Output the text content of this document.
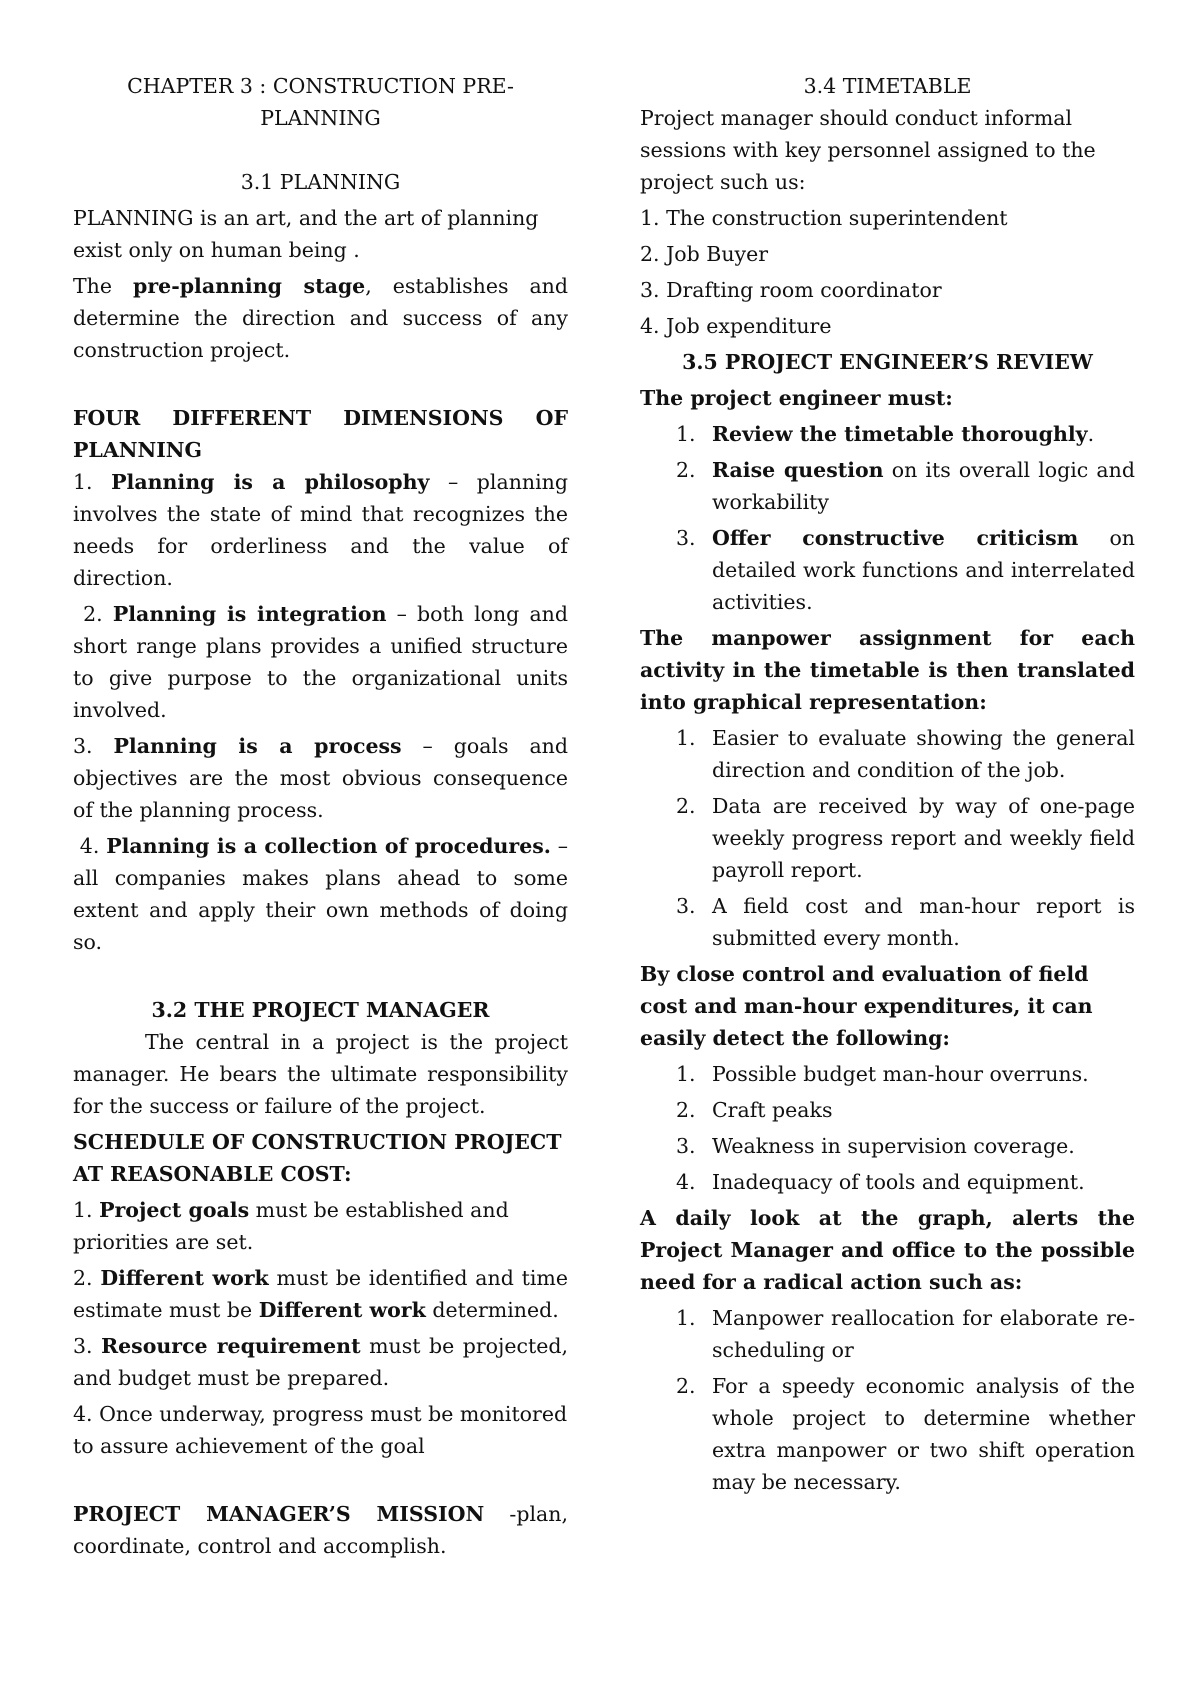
CHAPTER 3 : CONSTRUCTION PRE-

PLANNING

3.1 PLANNING

PLANNING is an art, and the art of planning exist only on human being .

The pre-planning stage, establishes and determine the direction and success of any construction project.

FOUR DIFFERENT DIMENSIONS OF PLANNING

1. Planning is a philosophy – planning involves the state of mind that recognizes the needs for orderliness and the value of direction.

2. Planning is integration – both long and short range plans provides a unified structure to give purpose to the organizational units involved.

3. Planning is a process – goals and objectives are the most obvious consequence of the planning process.

4. Planning is a collection of procedures. – all companies makes plans ahead to some extent and apply their own methods of doing so.

3.2 THE PROJECT MANAGER

The central in a project is the project manager. He bears the ultimate responsibility for the success or failure of the project.

SCHEDULE OF CONSTRUCTION PROJECT AT REASONABLE COST:

1. Project goals must be established and priorities are set.

2. Different work must be identified and time estimate must be Different work determined.

3. Resource requirement must be projected, and budget must be prepared.

4. Once underway, progress must be monitored to assure achievement of the goal

PROJECT MANAGER’S MISSION -plan, coordinate, control and accomplish.

3.4 TIMETABLE

Project manager should conduct informal sessions with key personnel assigned to the project such us:

1. The construction superintendent

2. Job Buyer

3. Drafting room coordinator

4. Job expenditure

3.5 PROJECT ENGINEER’S REVIEW

The project engineer must:

1. Review the timetable thoroughly.
2. Raise question on its overall logic and workability
3. Offer constructive criticism on detailed work functions and interrelated activities.

The manpower assignment for each activity in the timetable is then translated into graphical representation:

1. Easier to evaluate showing the general direction and condition of the job.
2. Data are received by way of one-page weekly progress report and weekly field payroll report.
3. A field cost and man-hour report is submitted every month.

By close control and evaluation of field cost and man-hour expenditures, it can easily detect the following:

1. Possible budget man-hour overruns.
2. Craft peaks
3. Weakness in supervision coverage.
4. Inadequacy of tools and equipment.

A daily look at the graph, alerts the Project Manager and office to the possible need for a radical action such as:

1. Manpower reallocation for elaborate re-scheduling or
2. For a speedy economic analysis of the whole project to determine whether extra manpower or two shift operation may be necessary.
